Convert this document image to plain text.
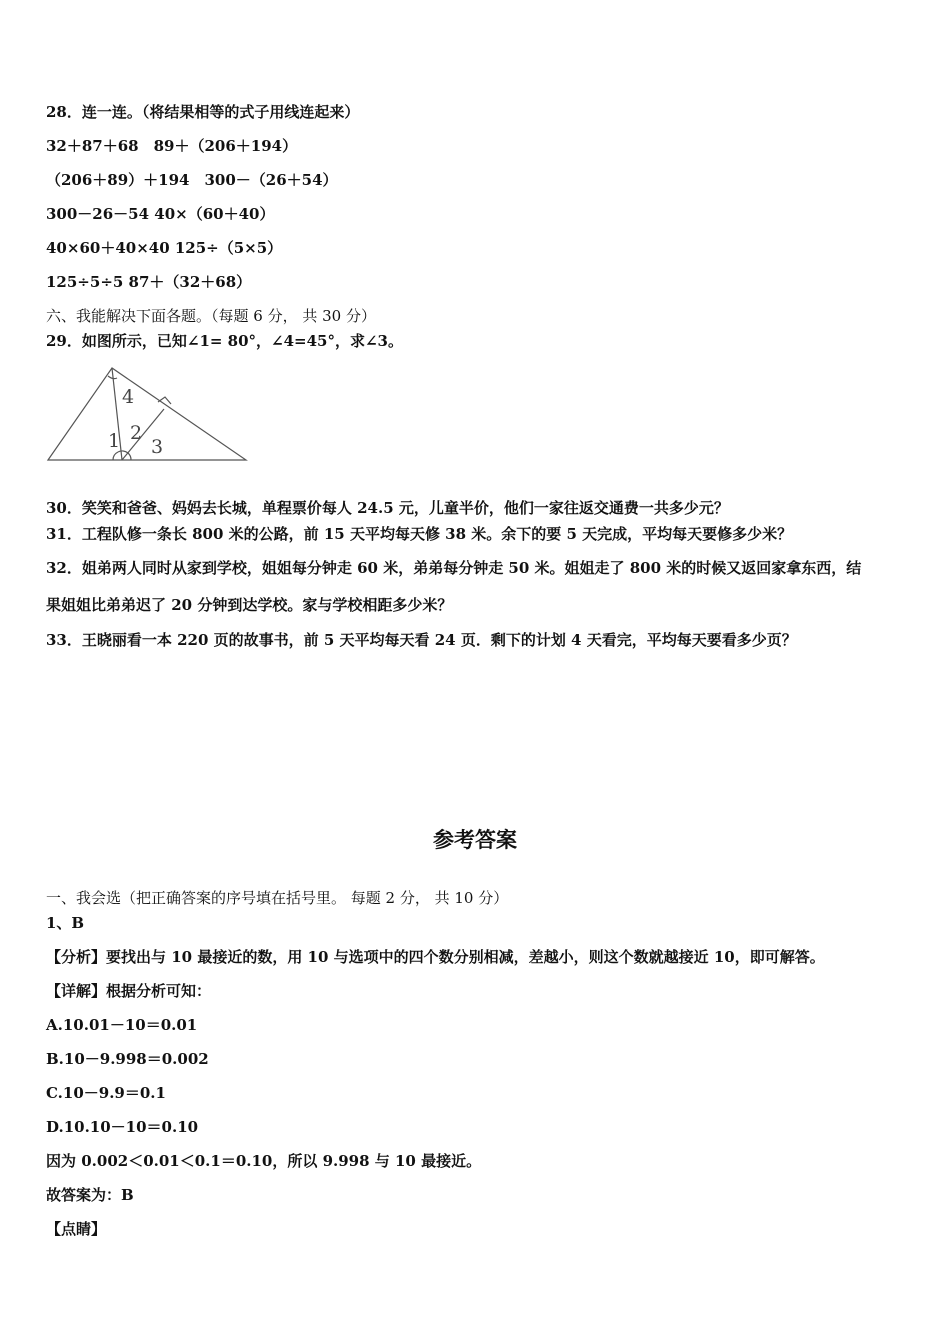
28．连一连。（将结果相等的式子用线连起来）
32＋87＋68　89＋（206＋194）
（206＋89）＋194　300－（26＋54）
300－26－54 40×（60＋40）
40×60＋40×40 125÷（5×5）
125÷5÷5 87＋（32＋68）
六、我能解决下面各题。（每题 6 分， 共 30 分）
29．如图所示，已知∠1= 80°，∠4=45°，求∠3。
4
1 2
3
30．笑笑和爸爸、妈妈去长城，单程票价每人 24.5 元，儿童半价，他们一家往返交通费一共多少元？
31．工程队修一条长 800 米的公路，前 15 天平均每天修 38 米。余下的要 5 天完成，平均每天要修多少米？
32．姐弟两人同时从家到学校，姐姐每分钟走 60 米，弟弟每分钟走 50 米。姐姐走了 800 米的时候又返回家拿东西，结
果姐姐比弟弟迟了 20 分钟到达学校。家与学校相距多少米？
33．王晓丽看一本 220 页的故事书，前 5 天平均每天看 24 页．剩下的计划 4 天看完，平均每天要看多少页？
参考答案
一、我会选（把正确答案的序号填在括号里。 每题 2 分， 共 10 分）
1、B
【分析】要找出与 10 最接近的数，用 10 与选项中的四个数分别相减，差越小，则这个数就越接近 10，即可解答。
【详解】根据分析可知：
A.10.01－10＝0.01
B.10－9.998＝0.002
C.10－9.9＝0.1
D.10.10－10＝0.10
因为 0.002＜0.01＜0.1＝0.10，所以 9.998 与 10 最接近。
故答案为：B
【点睛】
